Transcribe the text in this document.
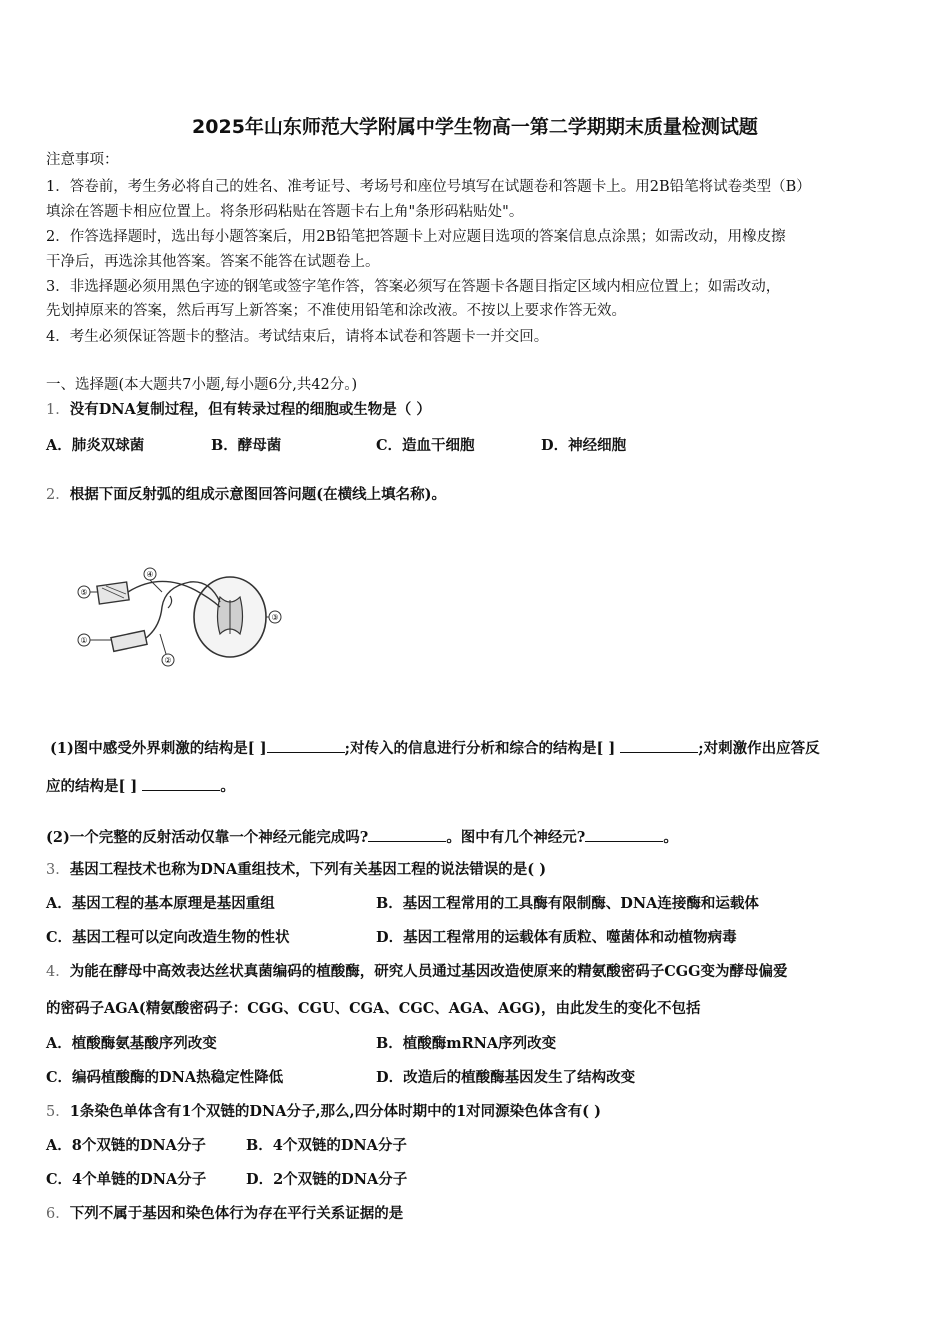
2025年山东师范大学附属中学生物高一第二学期期末质量检测试题
注意事项：
1．答卷前，考生务必将自己的姓名、准考证号、考场号和座位号填写在试题卷和答题卡上。用2B铅笔将试卷类型（B）
填涂在答题卡相应位置上。将条形码粘贴在答题卡右上角"条形码粘贴处"。
2．作答选择题时，选出每小题答案后，用2B铅笔把答题卡上对应题目选项的答案信息点涂黑；如需改动，用橡皮擦
干净后，再选涂其他答案。答案不能答在试题卷上。
3．非选择题必须用黑色字迹的钢笔或签字笔作答，答案必须写在答题卡各题目指定区域内相应位置上；如需改动，
先划掉原来的答案，然后再写上新答案；不准使用铅笔和涂改液。不按以上要求作答无效。
4．考生必须保证答题卡的整洁。考试结束后，请将本试卷和答题卡一并交回。
一、选择题(本大题共7小题,每小题6分,共42分。)
1．没有DNA复制过程，但有转录过程的细胞或生物是（ ）
A．肺炎双球菌	B．酵母菌	C．造血干细胞	D．神经细胞
2．根据下面反射弧的组成示意图回答问题(在横线上填名称)。
⑤
④
③
①
②
(1)图中感受外界刺激的结构是[ ]	;对传入的信息进行分析和综合的结构是[ ]	;对刺激作出应答反
应的结构是[ ]	。
(2)一个完整的反射活动仅靠一个神经元能完成吗?	。图中有几个神经元?	。
3．基因工程技术也称为DNA重组技术，下列有关基因工程的说法错误的是( )
A．基因工程的基本原理是基因重组	B．基因工程常用的工具酶有限制酶、DNA连接酶和运载体
C．基因工程可以定向改造生物的性状	D．基因工程常用的运载体有质粒、噬菌体和动植物病毒
4．为能在酵母中高效表达丝状真菌编码的植酸酶，研究人员通过基因改造使原来的精氨酸密码子CGG变为酵母偏爱
的密码子AGA(精氨酸密码子：CGG、CGU、CGA、CGC、AGA、AGG)，由此发生的变化不包括
A．植酸酶氨基酸序列改变	B．植酸酶mRNA序列改变
C．编码植酸酶的DNA热稳定性降低	D．改造后的植酸酶基因发生了结构改变
5．1条染色单体含有1个双链的DNA分子,那么,四分体时期中的1对同源染色体含有( )
A．8个双链的DNA分子	B．4个双链的DNA分子
C．4个单链的DNA分子	D．2个双链的DNA分子
6．下列不属于基因和染色体行为存在平行关系证据的是
